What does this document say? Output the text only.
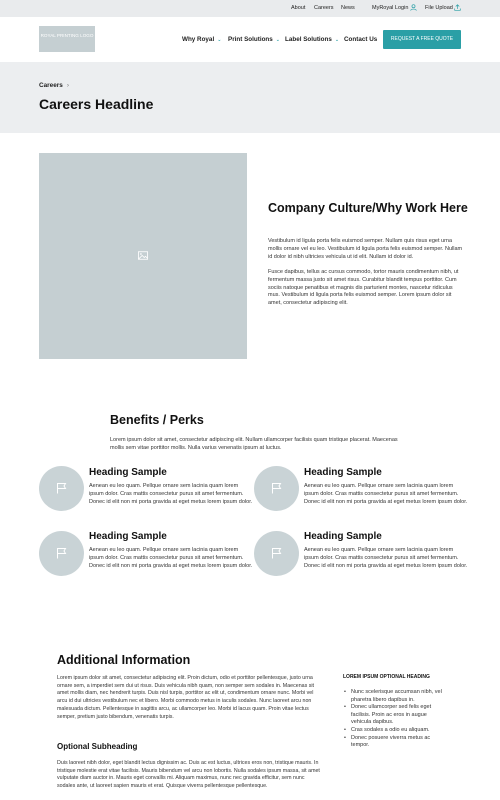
About Careers News	MyRoyal Login	File Upload
ROYAL PRINTING LOGO
Why Royal ⌄ Print Solutions ⌄ Label Solutions ⌄ Contact Us	REQUEST A FREE QUOTE
Careers ›
Careers Headline
Company Culture/Why Work Here
Vestibulum id ligula porta felis euismod semper. Nullam quis risus eget urna mollis ornare vel eu leo. Vestibulum id ligula porta felis euismod semper. Nullam id dolor id nibh ultricies vehicula ut id elit. Nullam id dolor id.
Fusce dapibus, tellus ac cursus commodo, tortor mauris condimentum nibh, ut fermentum massa justo sit amet risus. Curabitur blandit tempus porttitor. Cum sociis natoque penatibus et magnis dis parturient montes, nascetur ridiculus mus. Vestibulum id ligula porta felis euismod semper. Lorem ipsum dolor sit amet, consectetur adipiscing elit.
Benefits / Perks
Lorem ipsum dolor sit amet, consectetur adipiscing elit. Nullam ullamcorper facilisis quam tristique placerat. Maecenas mollis sem vitae porttitor mollis. Nulla varius venenatis ipsum at luctus.
Heading Sample
Aenean eu leo quam. Pellque ornare sem lacinia quam lorem ipsum dolor. Cras mattis consectetur purus sit amet fermentum. Donec id elit non mi porta gravida at eget metus lorem ipsum dolor.
Heading Sample
Aenean eu leo quam. Pellque ornare sem lacinia quam lorem ipsum dolor. Cras mattis consectetur purus sit amet fermentum. Donec id elit non mi porta gravida at eget metus lorem ipsum dolor.
Heading Sample
Aenean eu leo quam. Pellque ornare sem lacinia quam lorem ipsum dolor. Cras mattis consectetur purus sit amet fermentum. Donec id elit non mi porta gravida at eget metus lorem ipsum dolor.
Heading Sample
Aenean eu leo quam. Pellque ornare sem lacinia quam lorem ipsum dolor. Cras mattis consectetur purus sit amet fermentum. Donec id elit non mi porta gravida at eget metus lorem ipsum dolor.
Additional Information
Lorem ipsum dolor sit amet, consectetur adipiscing elit. Proin dictum, odio et porttitor pellentesque, justo urna ornare sem, a imperdiet sem dui ut risus. Duis vehicula nibh quam, non semper sem sodales in. Maecenas sit amet mollis diam, nec hendrerit turpis. Duis nisl turpis, porttitor ac elit ut, condimentum ornare nunc. Morbi vel arcu id dui ultricies vestibulum nec et libero. Morbi commodo metus in iaculis sodales. Nunc laoreet arcu non malesuada dictum. Pellentesque in sagittis arcu, ac ullamcorper leo. Morbi id lacus quam. Proin vitae lectus semper, pretium justo bibendum, venenatis turpis.
Optional Subheading
Duis laoreet nibh dolor, eget blandit lectus dignissim ac. Duis ac est luctus, ultrices eros non, tristique mauris. In tristique molestie erat vitae facilisis. Mauris bibendum vel arcu non lobortis. Nulla sodales ipsum massa, sit amet vulputate diam auctor in. Mauris eget convallis mi. Aliquam maximus, nunc nec gravida efficitur, sem nunc sodales ante, ut laoreet sapien mauris et erat. Quisque viverra pellentesque pellentesque.
LOREM IPSUM OPTIONAL HEADING
• Nunc scelerisque accumsan nibh, vel pharetra libero dapibus in.
• Donec ullamcorper sed felis eget facilisis. Proin ac eros in augue vehicula dapibus.
• Cras sodales a odio eu aliquam.
• Donec posuere viverra metus ac tempor.
